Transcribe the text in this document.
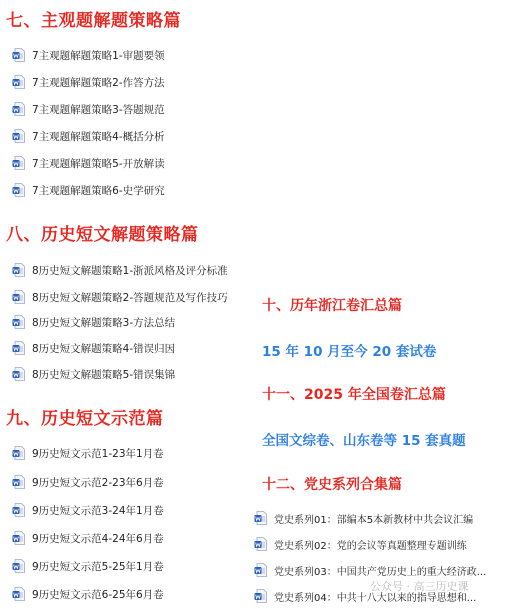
七、主观题解题策略篇
7主观题解题策略1-审题要领
7主观题解题策略2-作答方法
7主观题解题策略3-答题规范
7主观题解题策略4-概括分析
7主观题解题策略5-开放解读
7主观题解题策略6-史学研究
八、历史短文解题策略篇
8历史短文解题策略1-浙派风格及评分标准
8历史短文解题策略2-答题规范及写作技巧
8历史短文解题策略3-方法总结
8历史短文解题策略4-错误归因
8历史短文解题策略5-错误集锦
九、历史短文示范篇
9历史短文示范1-23年1月卷
9历史短文示范2-23年6月卷
9历史短文示范3-24年1月卷
9历史短文示范4-24年6月卷
9历史短文示范5-25年1月卷
9历史短文示范6-25年6月卷
十、历年浙江卷汇总篇
15 年 10 月至今 20 套试卷
十一、2025 年全国卷汇总篇
全国文综卷、山东卷等 15 套真题
十二、党史系列合集篇
党史系列01：部编本5本新教材中共会议汇编
党史系列02：党的会议等真题整理专题训练
党史系列03：中国共产党历史上的重大经济政...
党史系列04：中共十八大以来的指导思想和...
公众号 · 高三历史课
